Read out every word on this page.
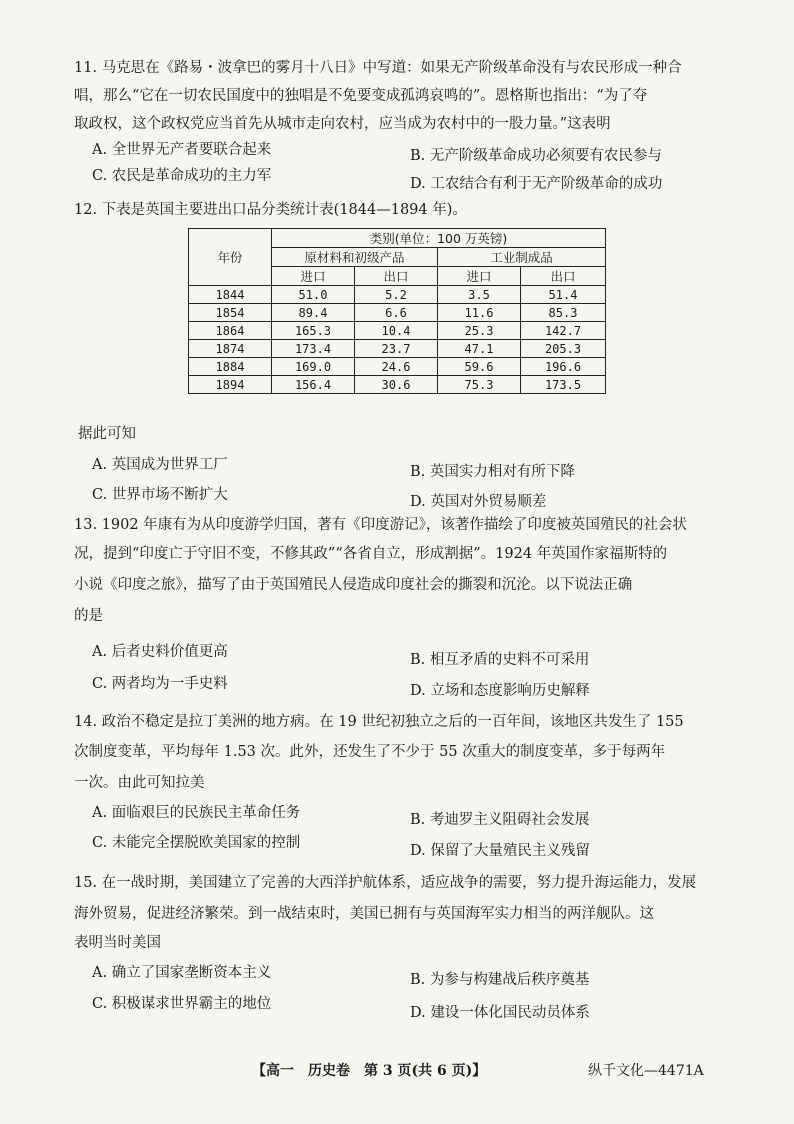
11. 马克思在《路易・波拿巴的雾月十八日》中写道：如果无产阶级革命没有与农民形成一种合
唱，那么“它在一切农民国度中的独唱是不免要变成孤鸿哀鸣的”。恩格斯也指出：“为了夺
取政权，这个政权党应当首先从城市走向农村，应当成为农村中的一股力量。”这表明
A. 全世界无产者要联合起来	B. 无产阶级革命成功必须要有农民参与
C. 农民是革命成功的主力军	D. 工农结合有利于无产阶级革命的成功
12. 下表是英国主要进出口品分类统计表(1844—1894 年)。
年份	类别(单位：100 万英镑)			
	原材料和初级产品		工业制成品	
	进口	出口	进口	出口
1844	51.0	5.2	3.5	51.4
1854	89.4	6.6	11.6	85.3
1864	165.3	10.4	25.3	142.7
1874	173.4	23.7	47.1	205.3
1884	169.0	24.6	59.6	196.6
1894	156.4	30.6	75.3	173.5
据此可知
A. 英国成为世界工厂	B. 英国实力相对有所下降
C. 世界市场不断扩大	D. 英国对外贸易顺差
13. 1902 年康有为从印度游学归国，著有《印度游记》，该著作描绘了印度被英国殖民的社会状
况，提到“印度亡于守旧不变，不修其政”“各省自立，形成割据”。1924 年英国作家福斯特的
小说《印度之旅》，描写了由于英国殖民人侵造成印度社会的撕裂和沉沦。以下说法正确
的是
A. 后者史料价值更高	B. 相互矛盾的史料不可采用
C. 两者均为一手史料	D. 立场和态度影响历史解释
14. 政治不稳定是拉丁美洲的地方病。在 19 世纪初独立之后的一百年间，该地区共发生了 155
次制度变革，平均每年 1.53 次。此外，还发生了不少于 55 次重大的制度变革，多于每两年
一次。由此可知拉美
A. 面临艰巨的民族民主革命任务	B. 考迪罗主义阻碍社会发展
C. 未能完全摆脱欧美国家的控制	D. 保留了大量殖民主义残留
15. 在一战时期，美国建立了完善的大西洋护航体系，适应战争的需要，努力提升海运能力，发展
海外贸易，促进经济繁荣。到一战结束时，美国已拥有与英国海军实力相当的两洋舰队。这
表明当时美国
A. 确立了国家垄断资本主义	B. 为参与构建战后秩序奠基
C. 积极谋求世界霸主的地位
D. 建设一体化国民动员体系
【高一　历史卷　第 3 页(共 6 页)】	纵千文化—4471A
